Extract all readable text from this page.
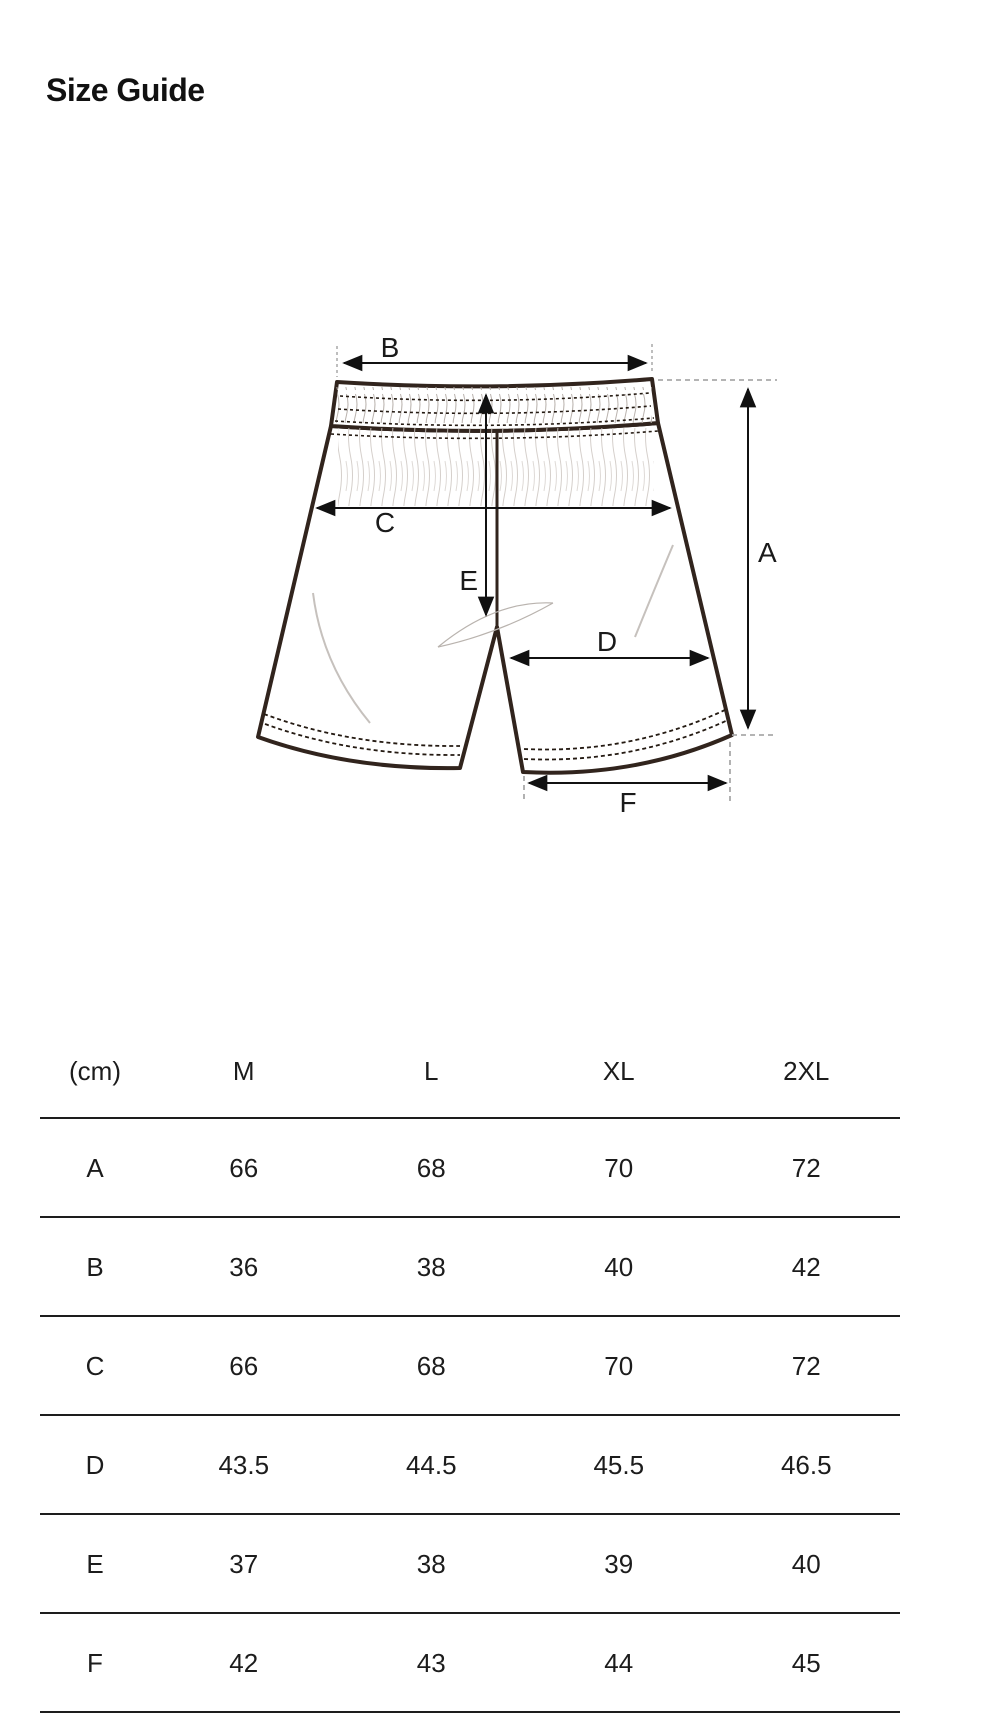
Size Guide
B
C
E
D
A
F
(cm)	M	L	XL	2XL
A	66	68	70	72
B	36	38	40	42
C	66	68	70	72
D	43.5	44.5	45.5	46.5
E	37	38	39	40
F	42	43	44	45
